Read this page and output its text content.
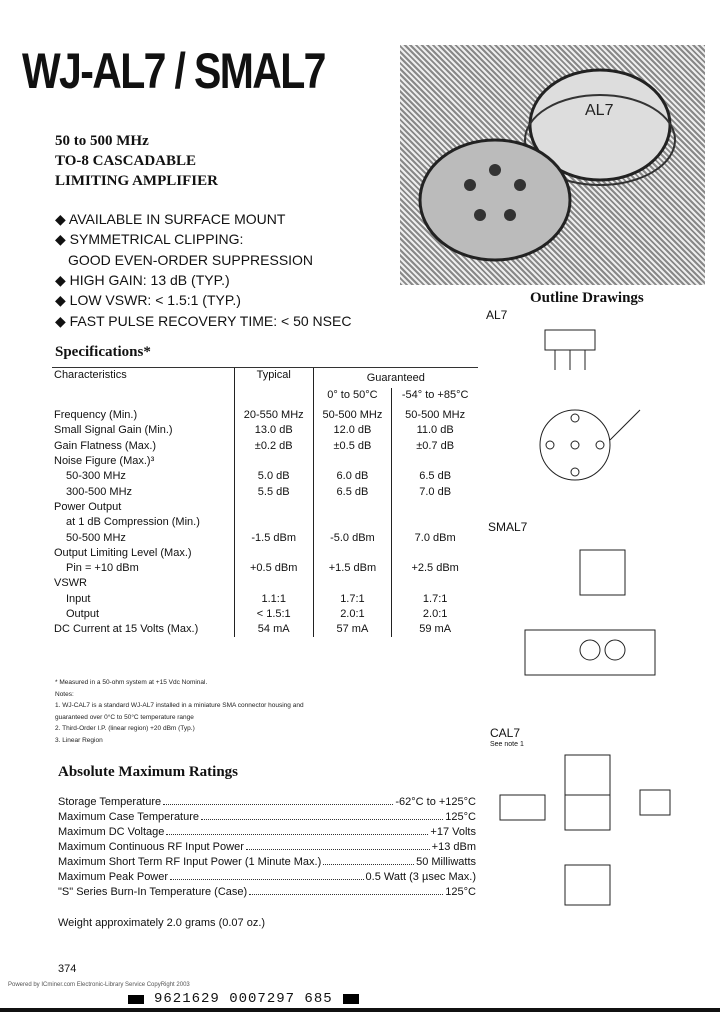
WJ-AL7 / SMAL7
50 to 500 MHz
TO-8 CASCADABLE
LIMITING AMPLIFIER
◆ AVAILABLE IN SURFACE MOUNT
◆ SYMMETRICAL CLIPPING:
GOOD EVEN-ORDER SUPPRESSION
◆ HIGH GAIN: 13 dB (TYP.)
◆ LOW VSWR: < 1.5:1 (TYP.)
◆ FAST PULSE RECOVERY TIME: < 50 NSEC
Specifications*
Characteristics	Typical	Guaranteed	
		0° to 50°C	-54° to +85°C
Frequency (Min.)	20-550 MHz	50-500 MHz	50-500 MHz
Small Signal Gain (Min.)	13.0 dB	12.0 dB	11.0 dB
Gain Flatness (Max.)	±0.2 dB	±0.5 dB	±0.7 dB
Noise Figure (Max.)³			
50-300 MHz	5.0 dB	6.0 dB	6.5 dB
300-500 MHz	5.5 dB	6.5 dB	7.0 dB
Power Output			
at 1 dB Compression (Min.)			
50-500 MHz	-1.5 dBm	-5.0 dBm	7.0 dBm
Output Limiting Level (Max.)			
Pin = +10 dBm	+0.5 dBm	+1.5 dBm	+2.5 dBm
VSWR			
Input	1.1:1	1.7:1	1.7:1
Output	< 1.5:1	2.0:1	2.0:1
DC Current at 15 Volts (Max.)	54 mA	57 mA	59 mA
* Measured in a 50-ohm system at +15 Vdc Nominal.
Notes:
1. WJ-CAL7 is a standard WJ-AL7 installed in a miniature SMA connector housing and
guaranteed over 0°C to 50°C temperature range
2. Third-Order I.P. (linear region) +20 dBm (Typ.)
3. Linear Region
Absolute Maximum Ratings
Storage Temperature	-62°C to +125°C
Maximum Case Temperature	125°C
Maximum DC Voltage	+17 Volts
Maximum Continuous RF Input Power	+13 dBm
Maximum Short Term RF Input Power (1 Minute Max.)	50 Milliwatts
Maximum Peak Power	0.5 Watt (3 µsec Max.)
"S" Series Burn-In Temperature (Case)	125°C
Weight approximately 2.0 grams (0.07 oz.)
374
Powered by ICminer.com Electronic-Library Service CopyRight 2003
9621629 0007297 685
AL7
Outline Drawings
AL7
SMAL7
CAL7
See note 1
